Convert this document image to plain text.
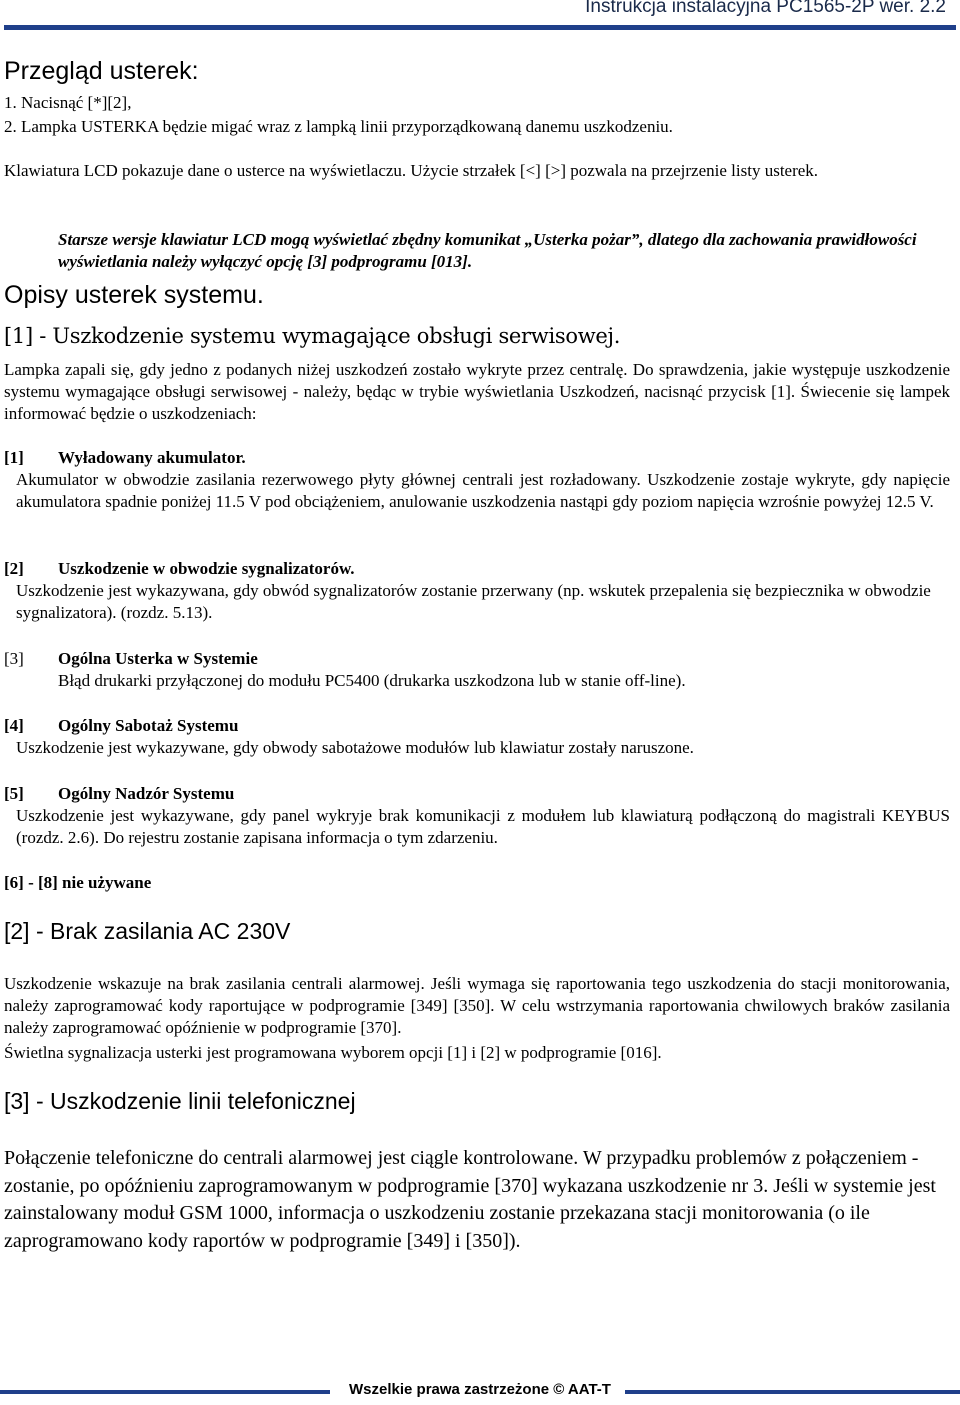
Instrukcja instalacyjna PC1565-2P wer. 2.2
Przegląd usterek:
1. Nacisnąć [*][2],
2. Lampka USTERKA będzie migać wraz z lampką linii przyporządkowaną danemu uszkodzeniu.
Klawiatura LCD pokazuje dane o usterce na wyświetlaczu. Użycie strzałek [<] [>] pozwala na przejrzenie listy usterek.
Starsze wersje klawiatur LCD mogą wyświetlać zbędny komunikat „Usterka pożar”, dlatego dla zachowania prawidłowości wyświetlania należy wyłączyć opcję [3] podprogramu [013].
Opisy usterek systemu.
[1] - Uszkodzenie systemu wymagające obsługi serwisowej.
Lampka zapali się, gdy jedno z podanych niżej uszkodzeń zostało wykryte przez centralę. Do sprawdzenia, jakie występuje uszkodzenie systemu wymagające obsługi serwisowej - należy, będąc w trybie wyświetlania Uszkodzeń, nacisnąć przycisk [1]. Świecenie się lampek informować będzie o uszkodzeniach:
[1] Wyładowany akumulator.
Akumulator w obwodzie zasilania rezerwowego płyty głównej centrali jest rozładowany. Uszkodzenie zostaje wykryte, gdy napięcie akumulatora spadnie poniżej 11.5 V pod obciążeniem, anulowanie uszkodzenia nastąpi gdy poziom napięcia wzrośnie powyżej 12.5 V.
[2] Uszkodzenie w obwodzie sygnalizatorów.
Uszkodzenie jest wykazywana, gdy obwód sygnalizatorów zostanie przerwany (np. wskutek przepalenia się bezpiecznika w obwodzie sygnalizatora). (rozdz. 5.13).
[3] Ogólna Usterka w Systemie
Błąd drukarki przyłączonej do modułu PC5400 (drukarka uszkodzona lub w stanie off-line).
[4] Ogólny Sabotaż Systemu
Uszkodzenie jest wykazywane, gdy obwody sabotażowe modułów lub klawiatur zostały naruszone.
[5] Ogólny Nadzór Systemu
Uszkodzenie jest wykazywane, gdy panel wykryje brak komunikacji z modułem lub klawiaturą podłączoną do magistrali KEYBUS (rozdz. 2.6). Do rejestru zostanie zapisana informacja o tym zdarzeniu.
[6] - [8] nie używane
[2] - Brak zasilania AC 230V
Uszkodzenie wskazuje na brak zasilania centrali alarmowej. Jeśli wymaga się raportowania tego uszkodzenia do stacji monitorowania, należy zaprogramować kody raportujące w podprogramie [349] [350]. W celu wstrzymania raportowania chwilowych braków zasilania należy zaprogramować opóźnienie w podprogramie [370].
Świetlna sygnalizacja usterki jest programowana wyborem opcji [1] i [2] w podprogramie [016].
[3] - Uszkodzenie linii telefonicznej
Połączenie telefoniczne do centrali alarmowej jest ciągle kontrolowane. W przypadku problemów z połączeniem - zostanie, po opóźnieniu zaprogramowanym w podprogramie [370] wykazana uszkodzenie nr 3. Jeśli w systemie jest zainstalowany moduł GSM 1000, informacja o uszkodzeniu zostanie przekazana stacji monitorowania (o ile zaprogramowano kody raportów w podprogramie [349] i [350]).
Wszelkie prawa zastrzeżone © AAT-T
